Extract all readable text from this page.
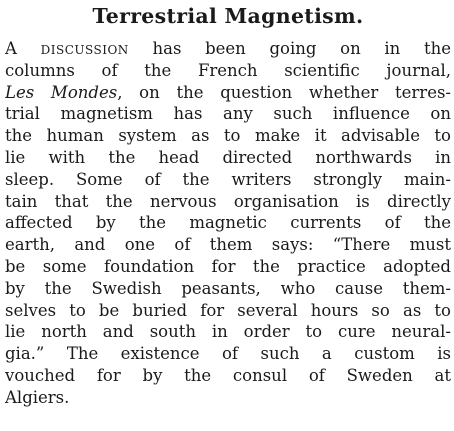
Terrestrial Magnetism.
A discussion has been going on in the
columns of the French scientific journal,
Les Mondes, on the question whether terres-
trial magnetism has any such influence on
the human system as to make it advisable to
lie with the head directed northwards in
sleep. Some of the writers strongly main-
tain that the nervous organisation is directly
affected by the magnetic currents of the
earth, and one of them says: “There must
be some foundation for the practice adopted
by the Swedish peasants, who cause them-
selves to be buried for several hours so as to
lie north and south in order to cure neural-
gia.” The existence of such a custom is
vouched for by the consul of Sweden at
Algiers.
